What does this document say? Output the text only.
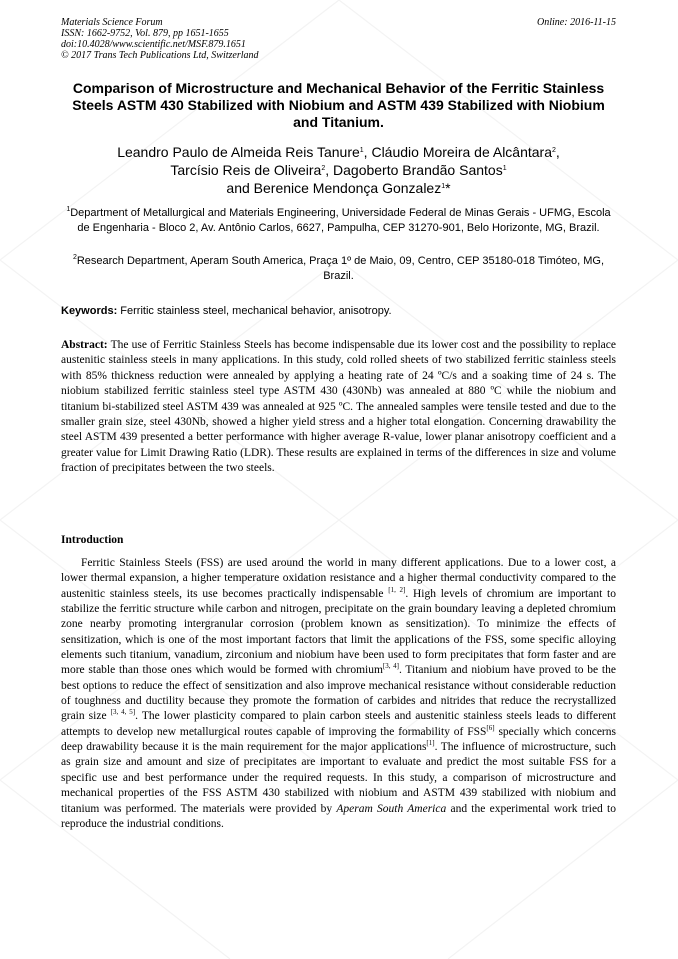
Materials Science Forum
ISSN: 1662-9752, Vol. 879, pp 1651-1655
doi:10.4028/www.scientific.net/MSF.879.1651
© 2017 Trans Tech Publications Ltd, Switzerland
Online: 2016-11-15
Comparison of Microstructure and Mechanical Behavior of the Ferritic Stainless Steels ASTM 430 Stabilized with Niobium and ASTM 439 Stabilized with Niobium and Titanium.
Leandro Paulo de Almeida Reis Tanure$^1$, Cláudio Moreira de Alcântara$^2$,
Tarcísio Reis de Oliveira$^2$, Dagoberto Brandão Santos$^1$
and Berenice Mendonça Gonzalez$^1$*
$^1$Department of Metallurgical and Materials Engineering, Universidade Federal de Minas Gerais - UFMG, Escola de Engenharia - Bloco 2, Av. Antônio Carlos, 6627, Pampulha, CEP 31270-901, Belo Horizonte, MG, Brazil.
$^2$Research Department, Aperam South America, Praça 1º de Maio, 09, Centro, CEP 35180-018 Timóteo, MG, Brazil.
Keywords: Ferritic stainless steel, mechanical behavior, anisotropy.
Abstract: The use of Ferritic Stainless Steels has become indispensable due its lower cost and the possibility to replace austenitic stainless steels in many applications. In this study, cold rolled sheets of two stabilized ferritic stainless steels with 85% thickness reduction were annealed by applying a heating rate of 24 ºC/s and a soaking time of 24 s. The niobium stabilized ferritic stainless steel type ASTM 430 (430Nb) was annealed at 880 ºC while the niobium and titanium bi-stabilized steel ASTM 439 was annealed at 925 ºC. The annealed samples were tensile tested and due to the smaller grain size, steel 430Nb, showed a higher yield stress and a higher total elongation. Concerning drawability the steel ASTM 439 presented a better performance with higher average R-value, lower planar anisotropy coefficient and a greater value for Limit Drawing Ratio (LDR). These results are explained in terms of the differences in size and volume fraction of precipitates between the two steels.
Introduction
Ferritic Stainless Steels (FSS) are used around the world in many different applications. Due to a lower cost, a lower thermal expansion, a higher temperature oxidation resistance and a higher thermal conductivity compared to the austenitic stainless steels, its use becomes practically indispensable [1, 2]. High levels of chromium are important to stabilize the ferritic structure while carbon and nitrogen, precipitate on the grain boundary leaving a depleted chromium zone nearby promoting intergranular corrosion (problem known as sensitization). To minimize the effects of sensitization, which is one of the most important factors that limit the applications of the FSS, some specific alloying elements such titanium, vanadium, zirconium and niobium have been used to form precipitates that form faster and are more stable than those ones which would be formed with chromium[3, 4]. Titanium and niobium have proved to be the best options to reduce the effect of sensitization and also improve mechanical resistance without considerable reduction of toughness and ductility because they promote the formation of carbides and nitrides that reduce the recrystallized grain size [3, 4, 5]. The lower plasticity compared to plain carbon steels and austenitic stainless steels leads to different attempts to develop new metallurgical routes capable of improving the formability of FSS[6] specially which concerns deep drawability because it is the main requirement for the major applications[1]. The influence of microstructure, such as grain size and amount and size of precipitates are important to evaluate and predict the most suitable FSS for a specific use and best performance under the required requests. In this study, a comparison of microstructure and mechanical properties of the FSS ASTM 430 stabilized with niobium and ASTM 439 stabilized with niobium and titanium was performed. The materials were provided by Aperam South America and the experimental work tried to reproduce the industrial conditions.
